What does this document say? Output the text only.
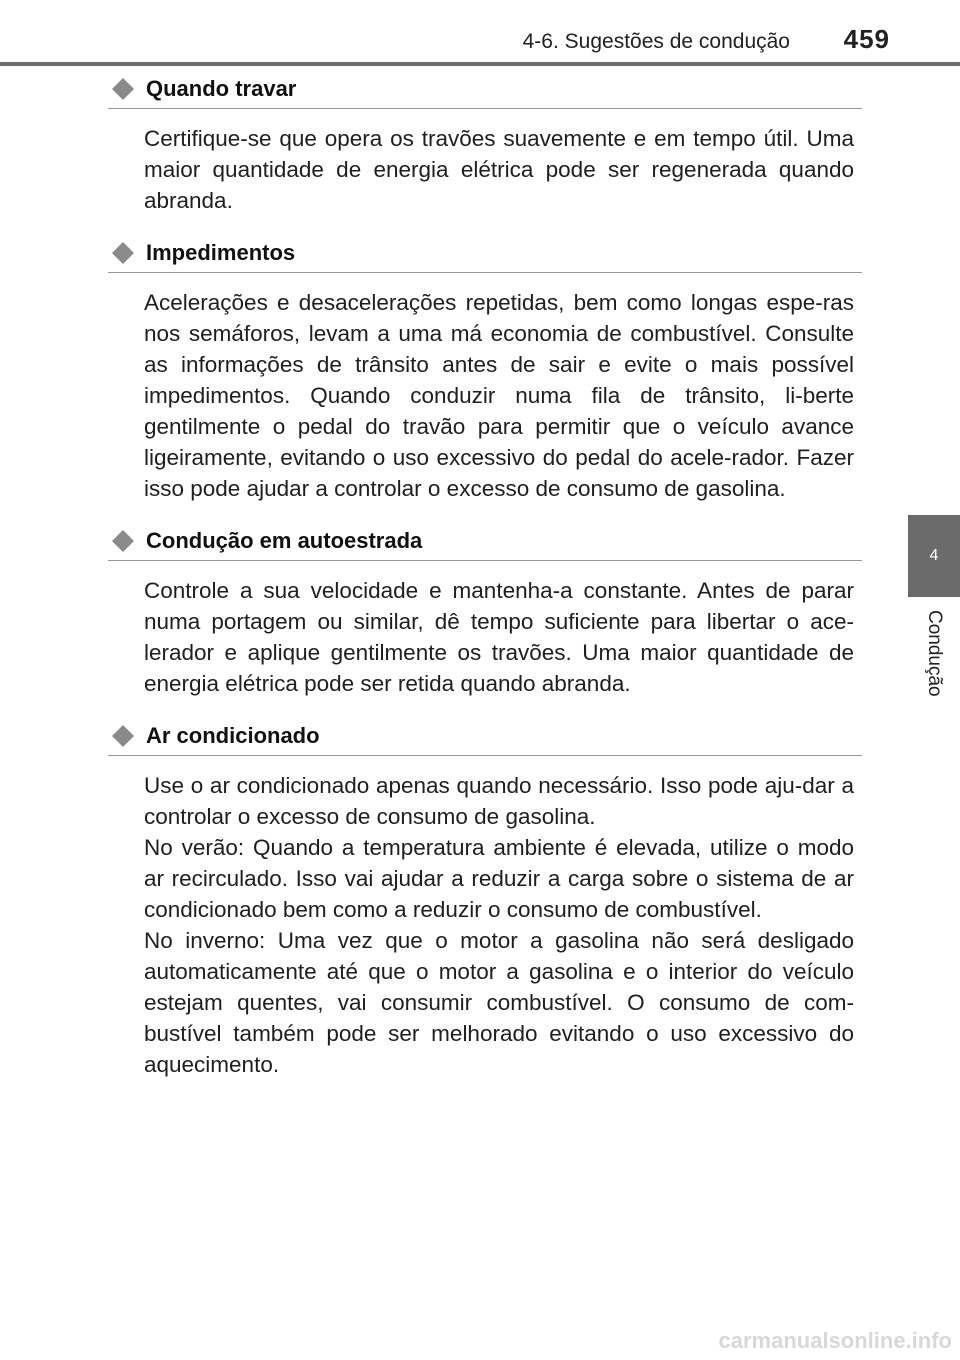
4-6. Sugestões de condução 459
4
Condução
Quando travar
Certifique-se que opera os travões suavemente e em tempo útil. Uma maior quantidade de energia elétrica pode ser regenerada quando abranda.
Impedimentos
Acelerações e desacelerações repetidas, bem como longas espe-ras nos semáforos, levam a uma má economia de combustível. Consulte as informações de trânsito antes de sair e evite o mais possível impedimentos. Quando conduzir numa fila de trânsito, li-berte gentilmente o pedal do travão para permitir que o veículo avance ligeiramente, evitando o uso excessivo do pedal do acele-rador. Fazer isso pode ajudar a controlar o excesso de consumo de gasolina.
Condução em autoestrada
Controle a sua velocidade e mantenha-a constante. Antes de parar numa portagem ou similar, dê tempo suficiente para libertar o ace-lerador e aplique gentilmente os travões. Uma maior quantidade de energia elétrica pode ser retida quando abranda.
Ar condicionado
Use o ar condicionado apenas quando necessário. Isso pode aju-dar a controlar o excesso de consumo de gasolina.
No verão: Quando a temperatura ambiente é elevada, utilize o modo ar recirculado. Isso vai ajudar a reduzir a carga sobre o sistema de ar condicionado bem como a reduzir o consumo de combustível.
No inverno: Uma vez que o motor a gasolina não será desligado automaticamente até que o motor a gasolina e o interior do veículo estejam quentes, vai consumir combustível. O consumo de com-bustível também pode ser melhorado evitando o uso excessivo do aquecimento.
carmanualsonline.info
